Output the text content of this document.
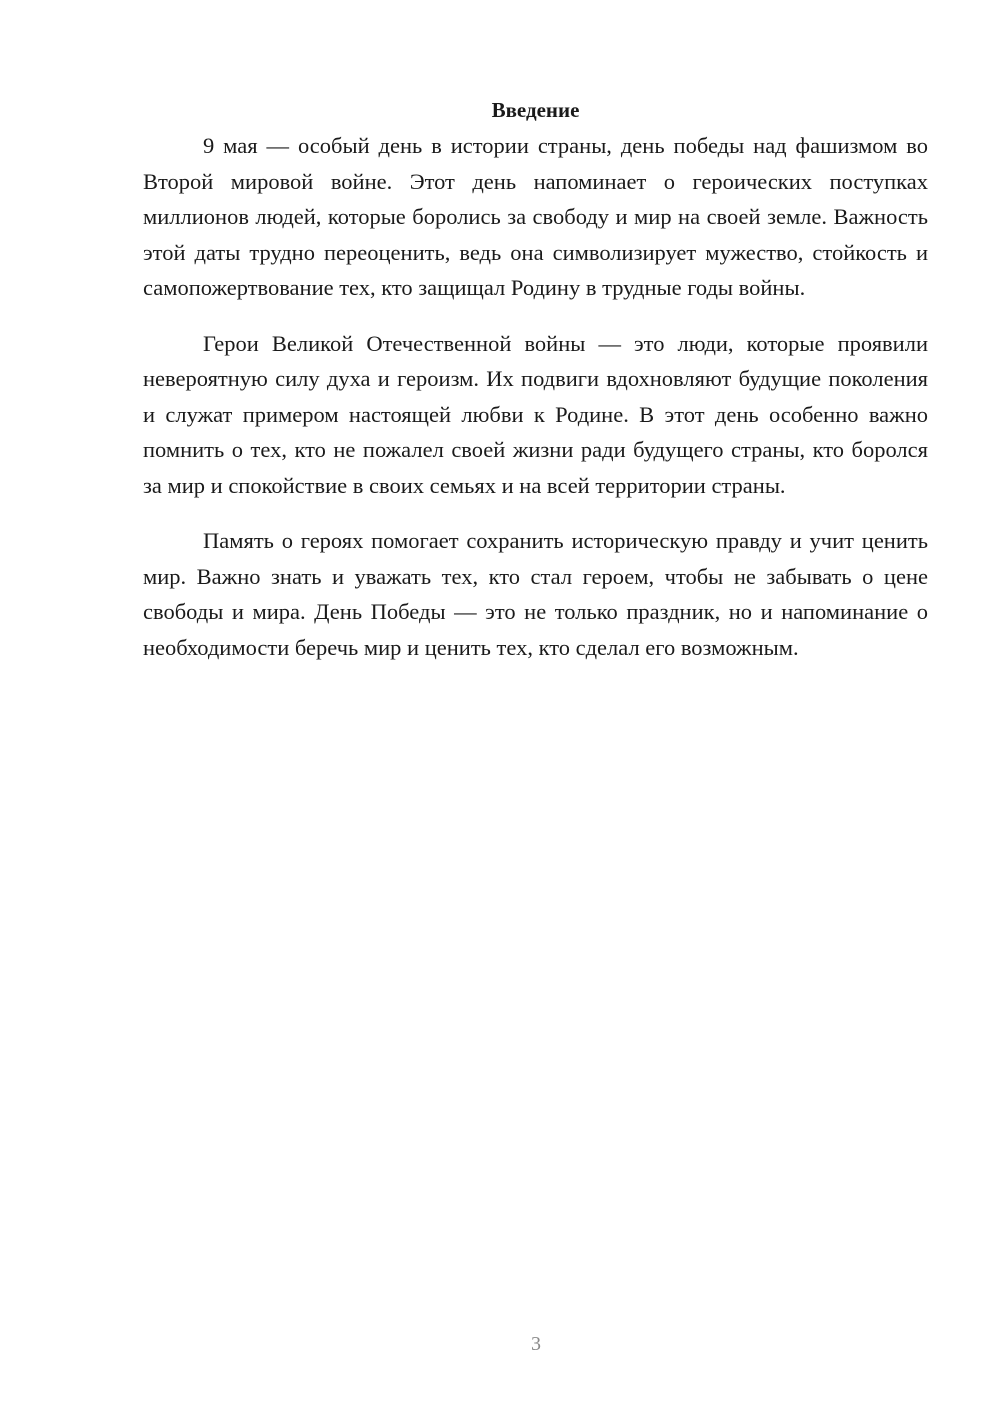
Введение

9 мая — особый день в истории страны, день победы над фашизмом во Второй мировой войне. Этот день напоминает о героических поступках миллионов людей, которые боролись за свободу и мир на своей земле. Важность этой даты трудно переоценить, ведь она символизирует мужество, стойкость и самопожертвование тех, кто защищал Родину в трудные годы войны.

Герои Великой Отечественной войны — это люди, которые проявили невероятную силу духа и героизм. Их подвиги вдохновляют будущие поколения и служат примером настоящей любви к Родине. В этот день особенно важно помнить о тех, кто не пожалел своей жизни ради будущего страны, кто боролся за мир и спокойствие в своих семьях и на всей территории страны.

Память о героях помогает сохранить историческую правду и учит ценить мир. Важно знать и уважать тех, кто стал героем, чтобы не забывать о цене свободы и мира. День Победы — это не только праздник, но и напоминание о необходимости беречь мир и ценить тех, кто сделал его возможным.

3
